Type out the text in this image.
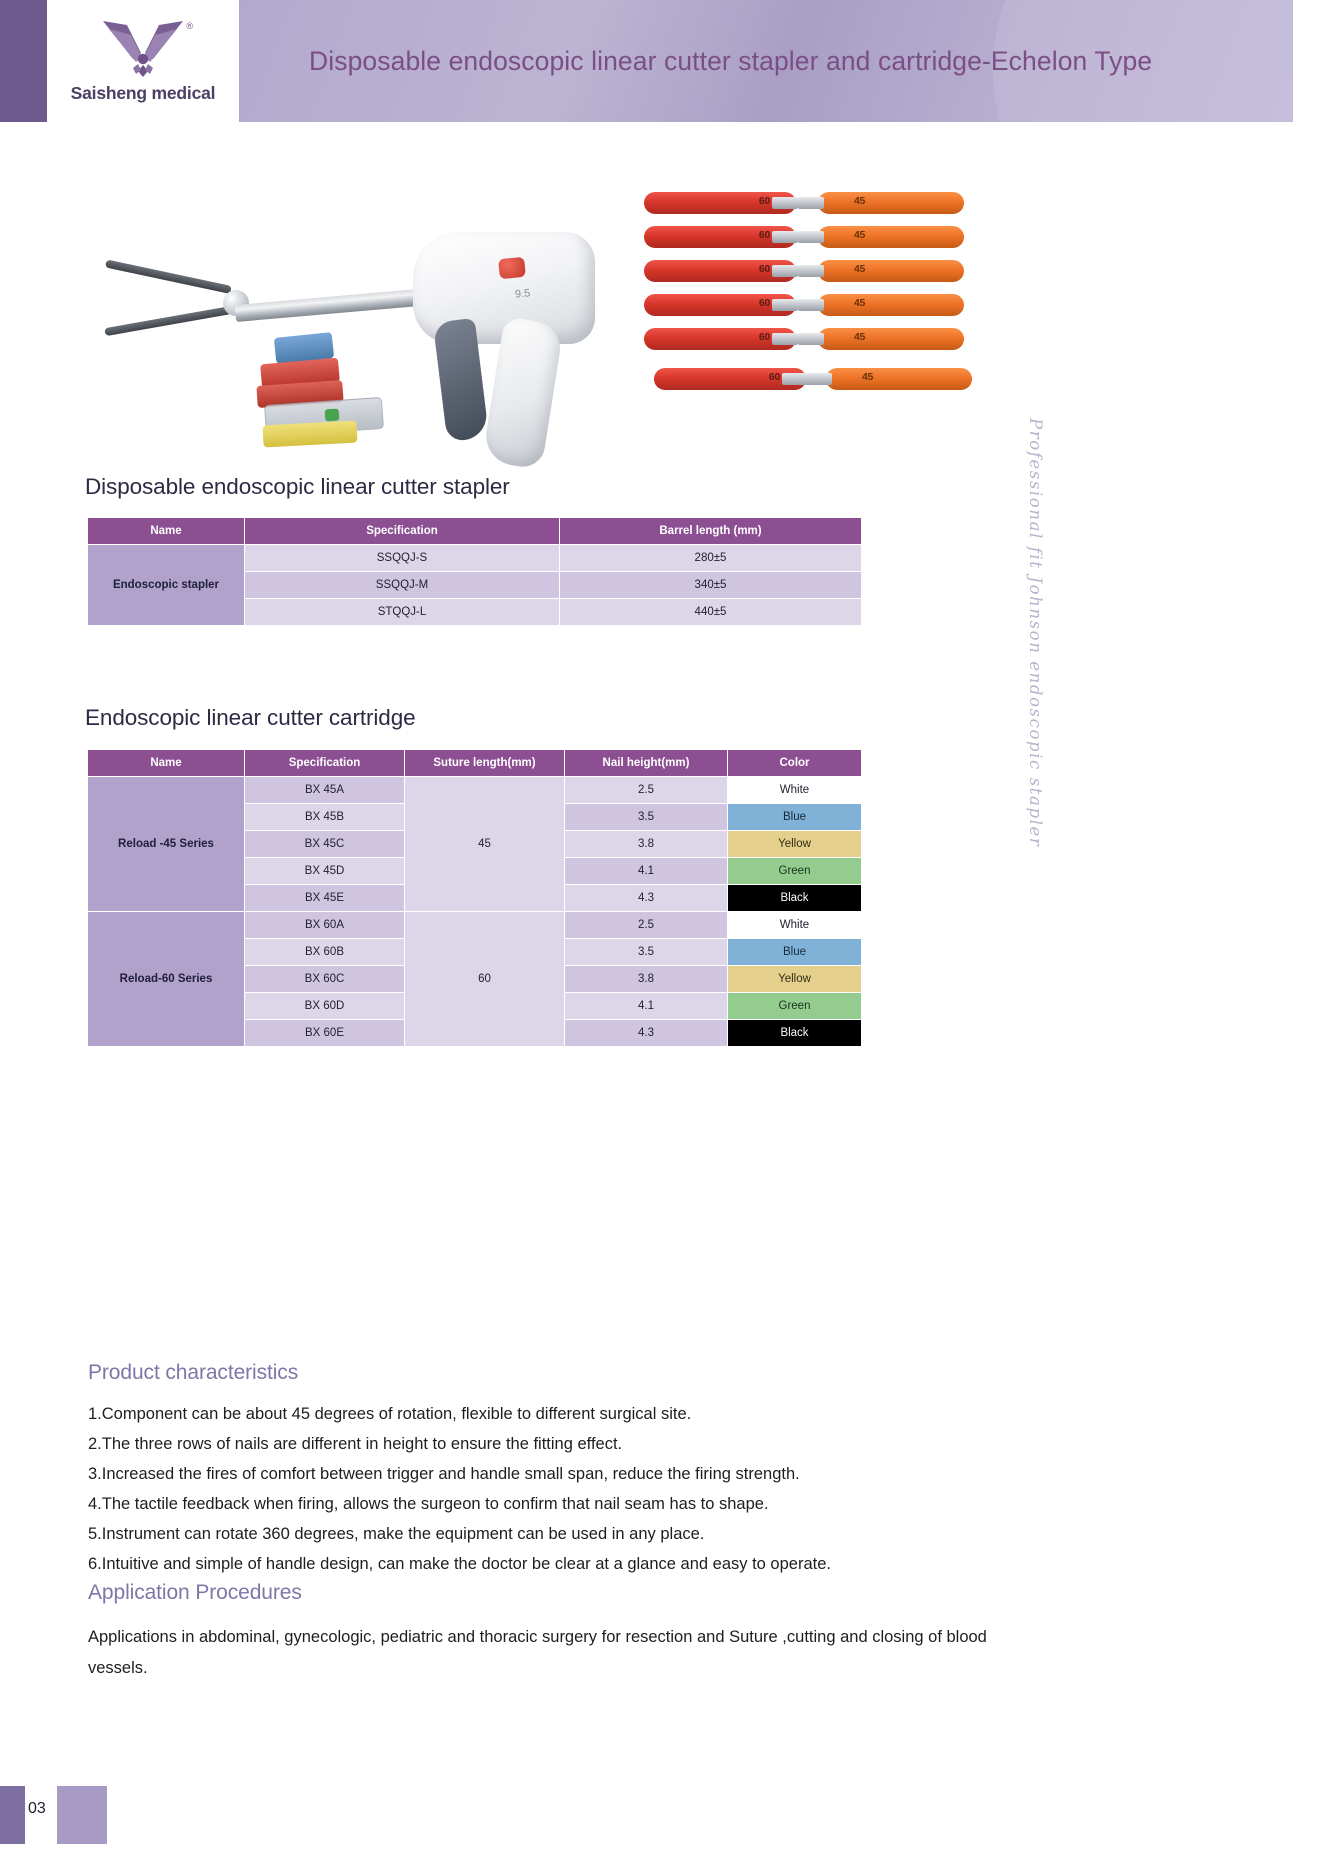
®
Saisheng medical
Disposable endoscopic linear cutter stapler and cartridge-Echelon Type
9.5
60
60
60
60
60
60
45
45
45
45
45
45
Professional fit Johnson endoscopic stapler
Disposable endoscopic linear cutter stapler
Name	Specification	Barrel length (mm)
Endoscopic stapler	SSQQJ-S	280±5
	SSQQJ-M	340±5
	STQQJ-L	440±5
Endoscopic linear cutter cartridge
Name	Specification	Suture length(mm)	Nail height(mm)	Color
Reload -45 Series	BX 45A	45	2.5	White
	BX 45B		3.5	Blue
	BX 45C		3.8	Yellow
	BX 45D		4.1	Green
	BX 45E		4.3	Black
Reload-60 Series	BX 60A	60	2.5	White
	BX 60B		3.5	Blue
	BX 60C		3.8	Yellow
	BX 60D		4.1	Green
	BX 60E		4.3	Black
Product characteristics
1.Component can be about 45 degrees of rotation, flexible to different surgical site.
2.The three rows of nails are different in height to ensure the fitting effect.
3.Increased the fires of comfort between trigger and handle small span, reduce the firing strength.
4.The tactile feedback when firing, allows the surgeon to confirm that nail seam has to shape.
5.Instrument can rotate 360 degrees, make the equipment can be used in any place.
6.Intuitive and simple of handle design, can make the doctor be clear at a glance and easy to operate.
Application Procedures
Applications in abdominal, gynecologic, pediatric and thoracic surgery for resection and Suture ,cutting and closing of blood vessels.
03
